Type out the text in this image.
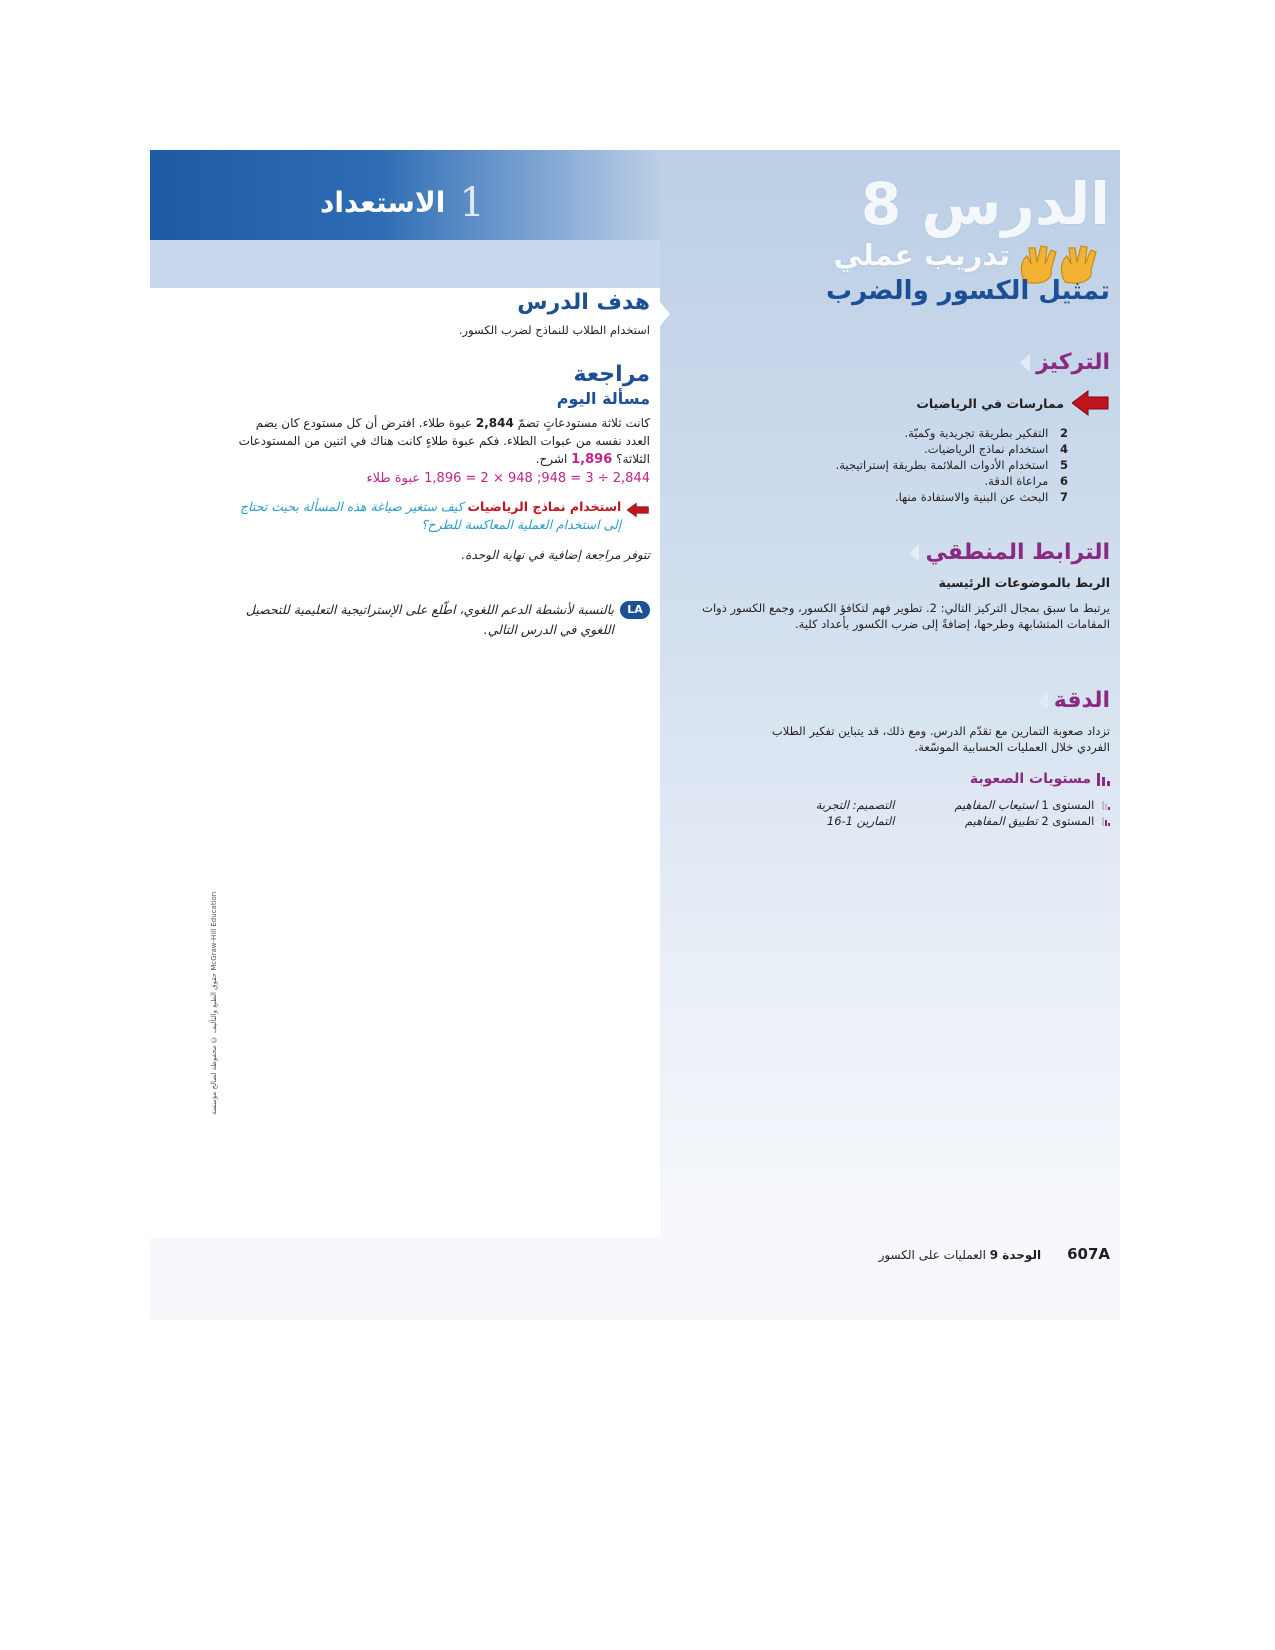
1
الاستعداد	الدرس 8
تدريب عملي
تمثيل الكسور والضرب
التركيز
ممارسات في الرياضيات
2 التفكير بطريقة تجريدية وكميّة.
4 استخدام نماذج الرياضيات.
5 استخدام الأدوات الملائمة بطريقة إستراتيجية.
6 مراعاة الدقة.
7 البحث عن البنية والاستفادة منها.
الترابط المنطقي
الربط بالموضوعات الرئيسية
يرتبط ما سبق بمجال التركيز التالي: 2. تطوير فهم لتكافؤ الكسور، وجمع الكسور ذوات المقامات المتشابهة وطرحها، إضافةً إلى ضرب الكسور بأعداد كلية.
الدقة
تزداد صعوبة التمارين مع تقدّم الدرس. ومع ذلك، قد يتباين تفكير الطلاب الفردي خلال العمليات الحسابية الموسّعة.
مستويات الصعوبة
المستوى 1 استيعاب المفاهيم
المستوى 2 تطبيق المفاهيم
التصميم: التجربة
التمارين 1-16
هدف الدرس
استخدام الطلاب للنماذج لضرب الكسور.
مراجعة
مسألة اليوم
كانت ثلاثة مستودعاتٍ تضمّ 2,844 عبوة طلاء. افترض أن كل مستودع كان يضم العدد نفسه من عبوات الطلاء. فكم عبوة طلاءٍ كانت هناك في اثنين من المستودعات الثلاثة؟ 1,896 اشرح.
2,844 ÷ 3 = 948; 948 × 2 = 1,896 عبوة طلاء
استخدام نماذج الرياضيات كيف ستغير صياغة هذه المسألة بحيث تحتاج إلى استخدام العملية المعاكسة للطرح؟
تتوفر مراجعة إضافية في نهاية الوحدة.
LA
بالنسبة لأنشطة الدعم اللغوي، اطّلع على الإستراتيجية التعليمية للتحصيل اللغوي في الدرس التالي.
حقوق الطبع والتأليف © محفوظة لصالح مؤسسة McGraw-Hill Education
607A
الوحدة 9 العمليات على الكسور
